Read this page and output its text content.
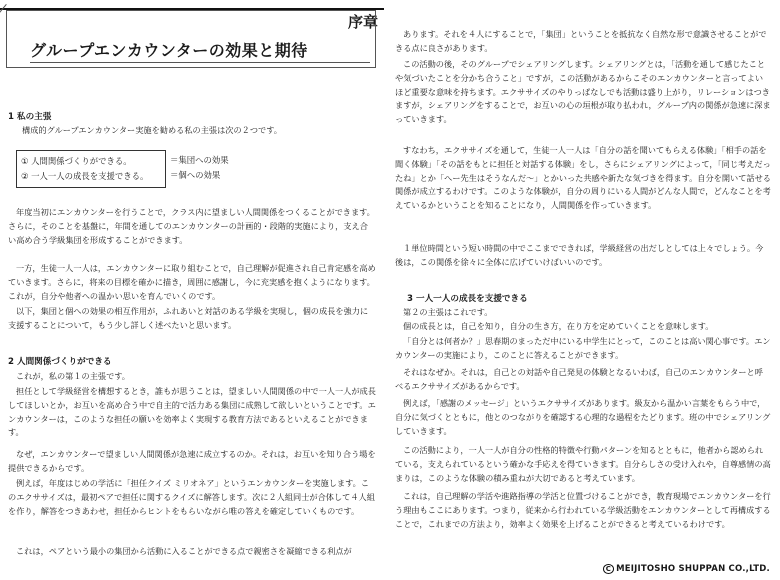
序章
グループエンカウンターの効果と期待
1 私の主張
構成的グループエンカウンター実施を勧める私の主張は次の２つです。
① 人間関係づくりができる。
② 一人一人の成長を支援できる。
＝集団への効果
＝個への効果
年度当初にエンカウンターを行うことで，クラス内に望ましい人間関係をつくることができます。さらに，そのことを基盤に，年間を通してのエンカウンターの計画的・段階的実施により，支え合い高め合う学級集団を形成することができます。
一方，生徒一人一人は，エンカウンターに取り組むことで，自己理解が促進され自己肯定感を高めていきます。さらに，将来の目標を確かに描き，周囲に感謝し，今に充実感を抱くようになります。これが，自分や他者への温かい思いを育んでいくのです。
以下，集団と個への効果の相互作用が，ふれあいと対話のある学級を実現し，個の成長を強力に支援することについて，もう少し詳しく述べたいと思います。
2 人間関係づくりができる
これが，私の第１の主張です。
担任として学級経営を構想するとき，誰もが思うことは，望ましい人間関係の中で一人一人が成長してほしいとか，お互いを高め合う中で自主的で活力ある集団に成熟して欲しいということです。エンカウンターは，このような担任の願いを効率よく実現する教育方法であるといえることができます。
なぜ，エンカウンターで望ましい人間関係が急速に成立するのか。それは，お互いを知り合う場を提供できるからです。
例えば，年度はじめの学活に「担任クイズ ミリオネア」というエンカウンターを実施します。このエクササイズは，最初ペアで担任に関するクイズに解答します。次に２人組同士が合体して４人組を作り，解答をつきあわせ，担任からヒントをもらいながら唯の答えを確定していくものです。
これは，ペアという最小の集団から活動に入ることができる点で親密さを凝縮できる利点が
あります。それを４人にすることで，「集団」ということを抵抗なく自然な形で意識させることができる点に良さがあります。
この活動の後，そのグループでシェアリングします。シェアリングとは，「活動を通して感じたことや気づいたことを分かち合うこと」ですが，この活動があるからこそのエンカウンターと言ってよいほど重要な意味を持ちます。エクササイズのやりっぱなしでも活動は盛り上がり，リレーションはつきますが，シェアリングをすることで，お互いの心の垣根が取り払われ，グループ内の関係が急速に深まっていきます。
すなわち，エクササイズを通して，生徒一人一人は「自分の話を聞いてもらえる体験」「相手の話を聞く体験」「その話をもとに担任と対話する体験」をし，さらにシェアリングによって，「同じ考えだったね」とか「へー先生はそうなんだ～」とかいった共感や新たな気づきを得ます。自分を開いて話せる関係が成立するわけです。このような体験が，自分の周りにいる人間がどんな人間で，どんなことを考えているかということを知ることになり，人間関係を作っていきます。
１単位時間という短い時間の中でここまでできれば，学級経営の出だしとしては上々でしょう。今後は，この関係を徐々に全体に広げていけばいいのです。
3 一人一人の成長を支援できる
第２の主張はこれです。
個の成長とは，自己を知り，自分の生き方，在り方を定めていくことを意味します。
「自分とは何者か？」思春期のまっただ中にいる中学生にとって，このことは高い関心事です。エンカウンターの実施により，このことに答えることができます。
それはなぜか。それは，自己との対話や自己発見の体験となるいわば，自己のエンカウンターと呼べるエクササイズがあるからです。
例えば，「感謝のメッセージ」というエクササイズがあります。級友から温かい言葉をもらう中で，自分に気づくとともに，他とのつながりを確認する心理的な過程をたどります。班の中でシェアリングしていきます。
この活動により，一人一人が自分の性格的特徴や行動パターンを知るとともに，他者から認められている，支えられているという確かな手応えを得ていきます。自分らしさの受け入れや，自尊感情の高まりは，このような体験の積み重ねが大切であると考えています。
これは，自己理解の学活や進路指導の学活と位置づけることができ，教育現場でエンカウンターを行う理由もここにあります。つまり，従来から行われている学級活動をエンカウンターとして再構成することで，これまでの方法より，効率よく効果を上げることができると考えているわけです。
C MEIJITOSHO SHUPPAN CO.,LTD.
